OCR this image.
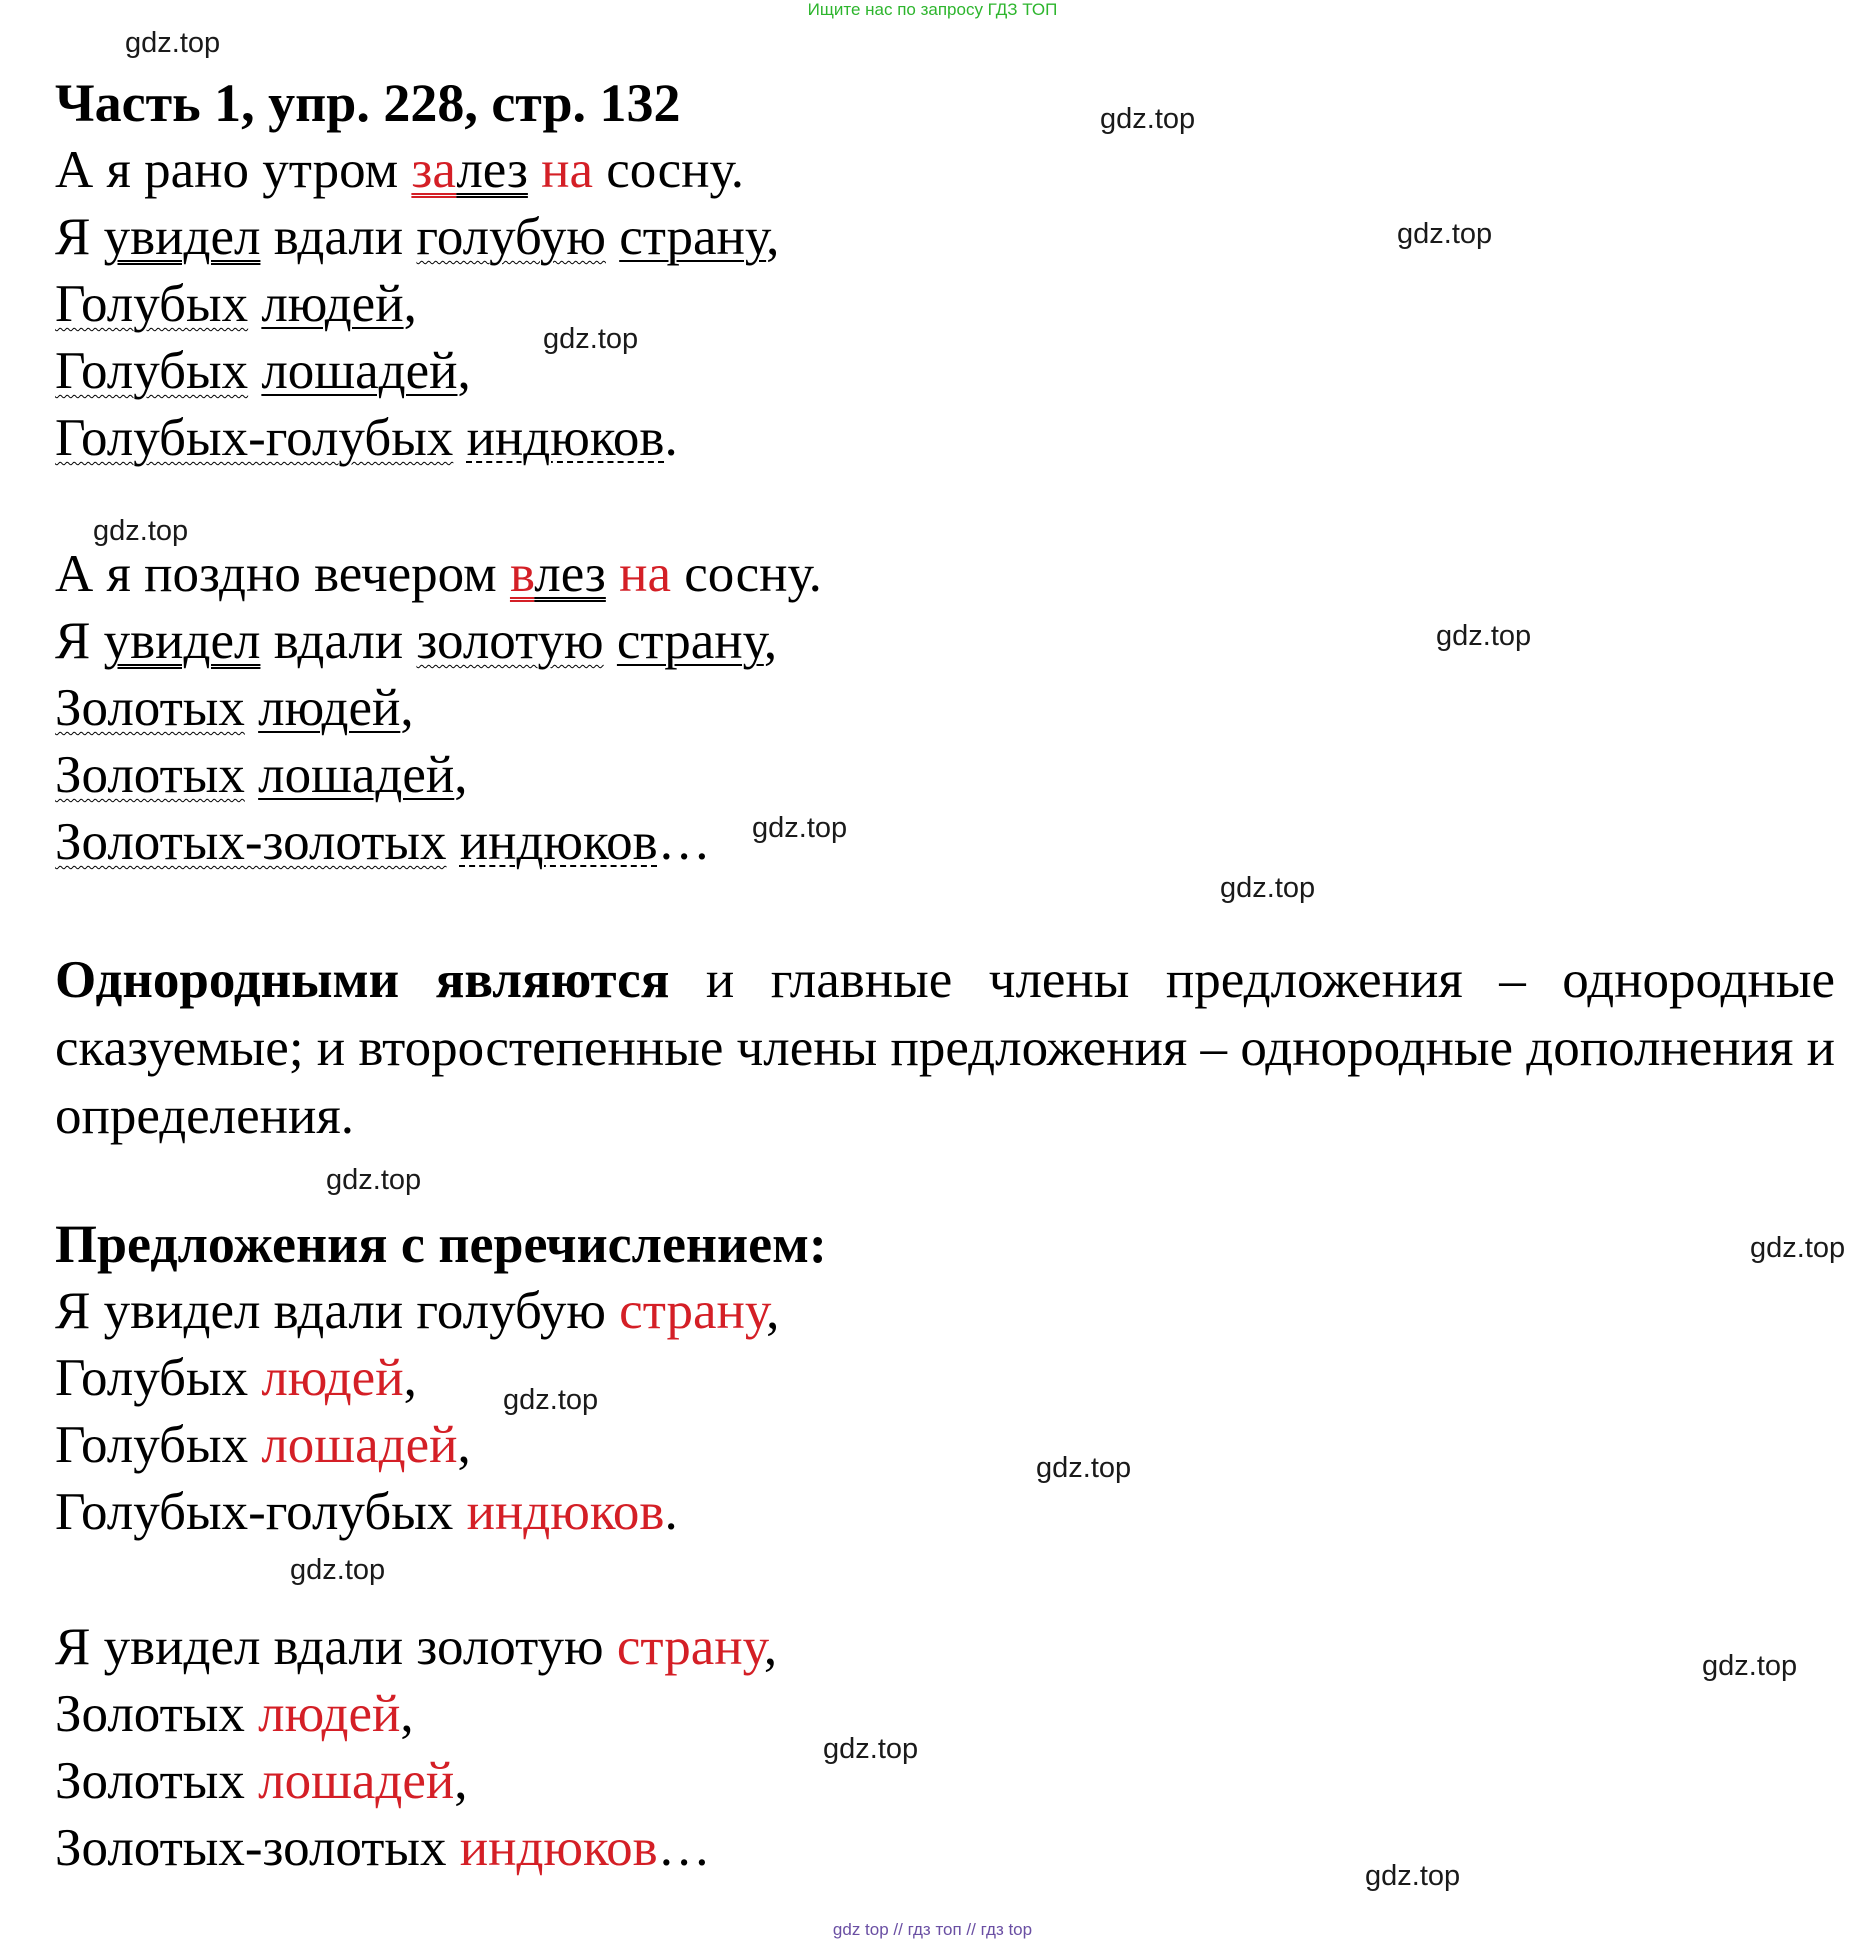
Ищите нас по запросу ГДЗ ТОП
gdz.top
gdz.top
gdz.top
gdz.top
gdz.top
gdz.top
gdz.top
gdz.top
gdz.top
gdz.top
gdz.top
gdz.top
gdz.top
gdz.top
gdz.top
gdz.top
Часть 1, упр. 228, стр. 132
А я рано утром залез на сосну.
Я увидел вдали голубую страну,
Голубых людей,
Голубых лошадей,
Голубых-голубых индюков.
А я поздно вечером влез на сосну.
Я увидел вдали золотую страну,
Золотых людей,
Золотых лошадей,
Золотых-золотых индюков…
Однородными являются и главные члены предложения – однородные сказуемые; и второстепенные члены предложения – однородные дополнения и определения.
Предложения с перечислением:
Я увидел вдали голубую страну,
Голубых людей,
Голубых лошадей,
Голубых-голубых индюков.
Я увидел вдали золотую страну,
Золотых людей,
Золотых лошадей,
Золотых-золотых индюков…
gdz top // гдз топ // гдз top
